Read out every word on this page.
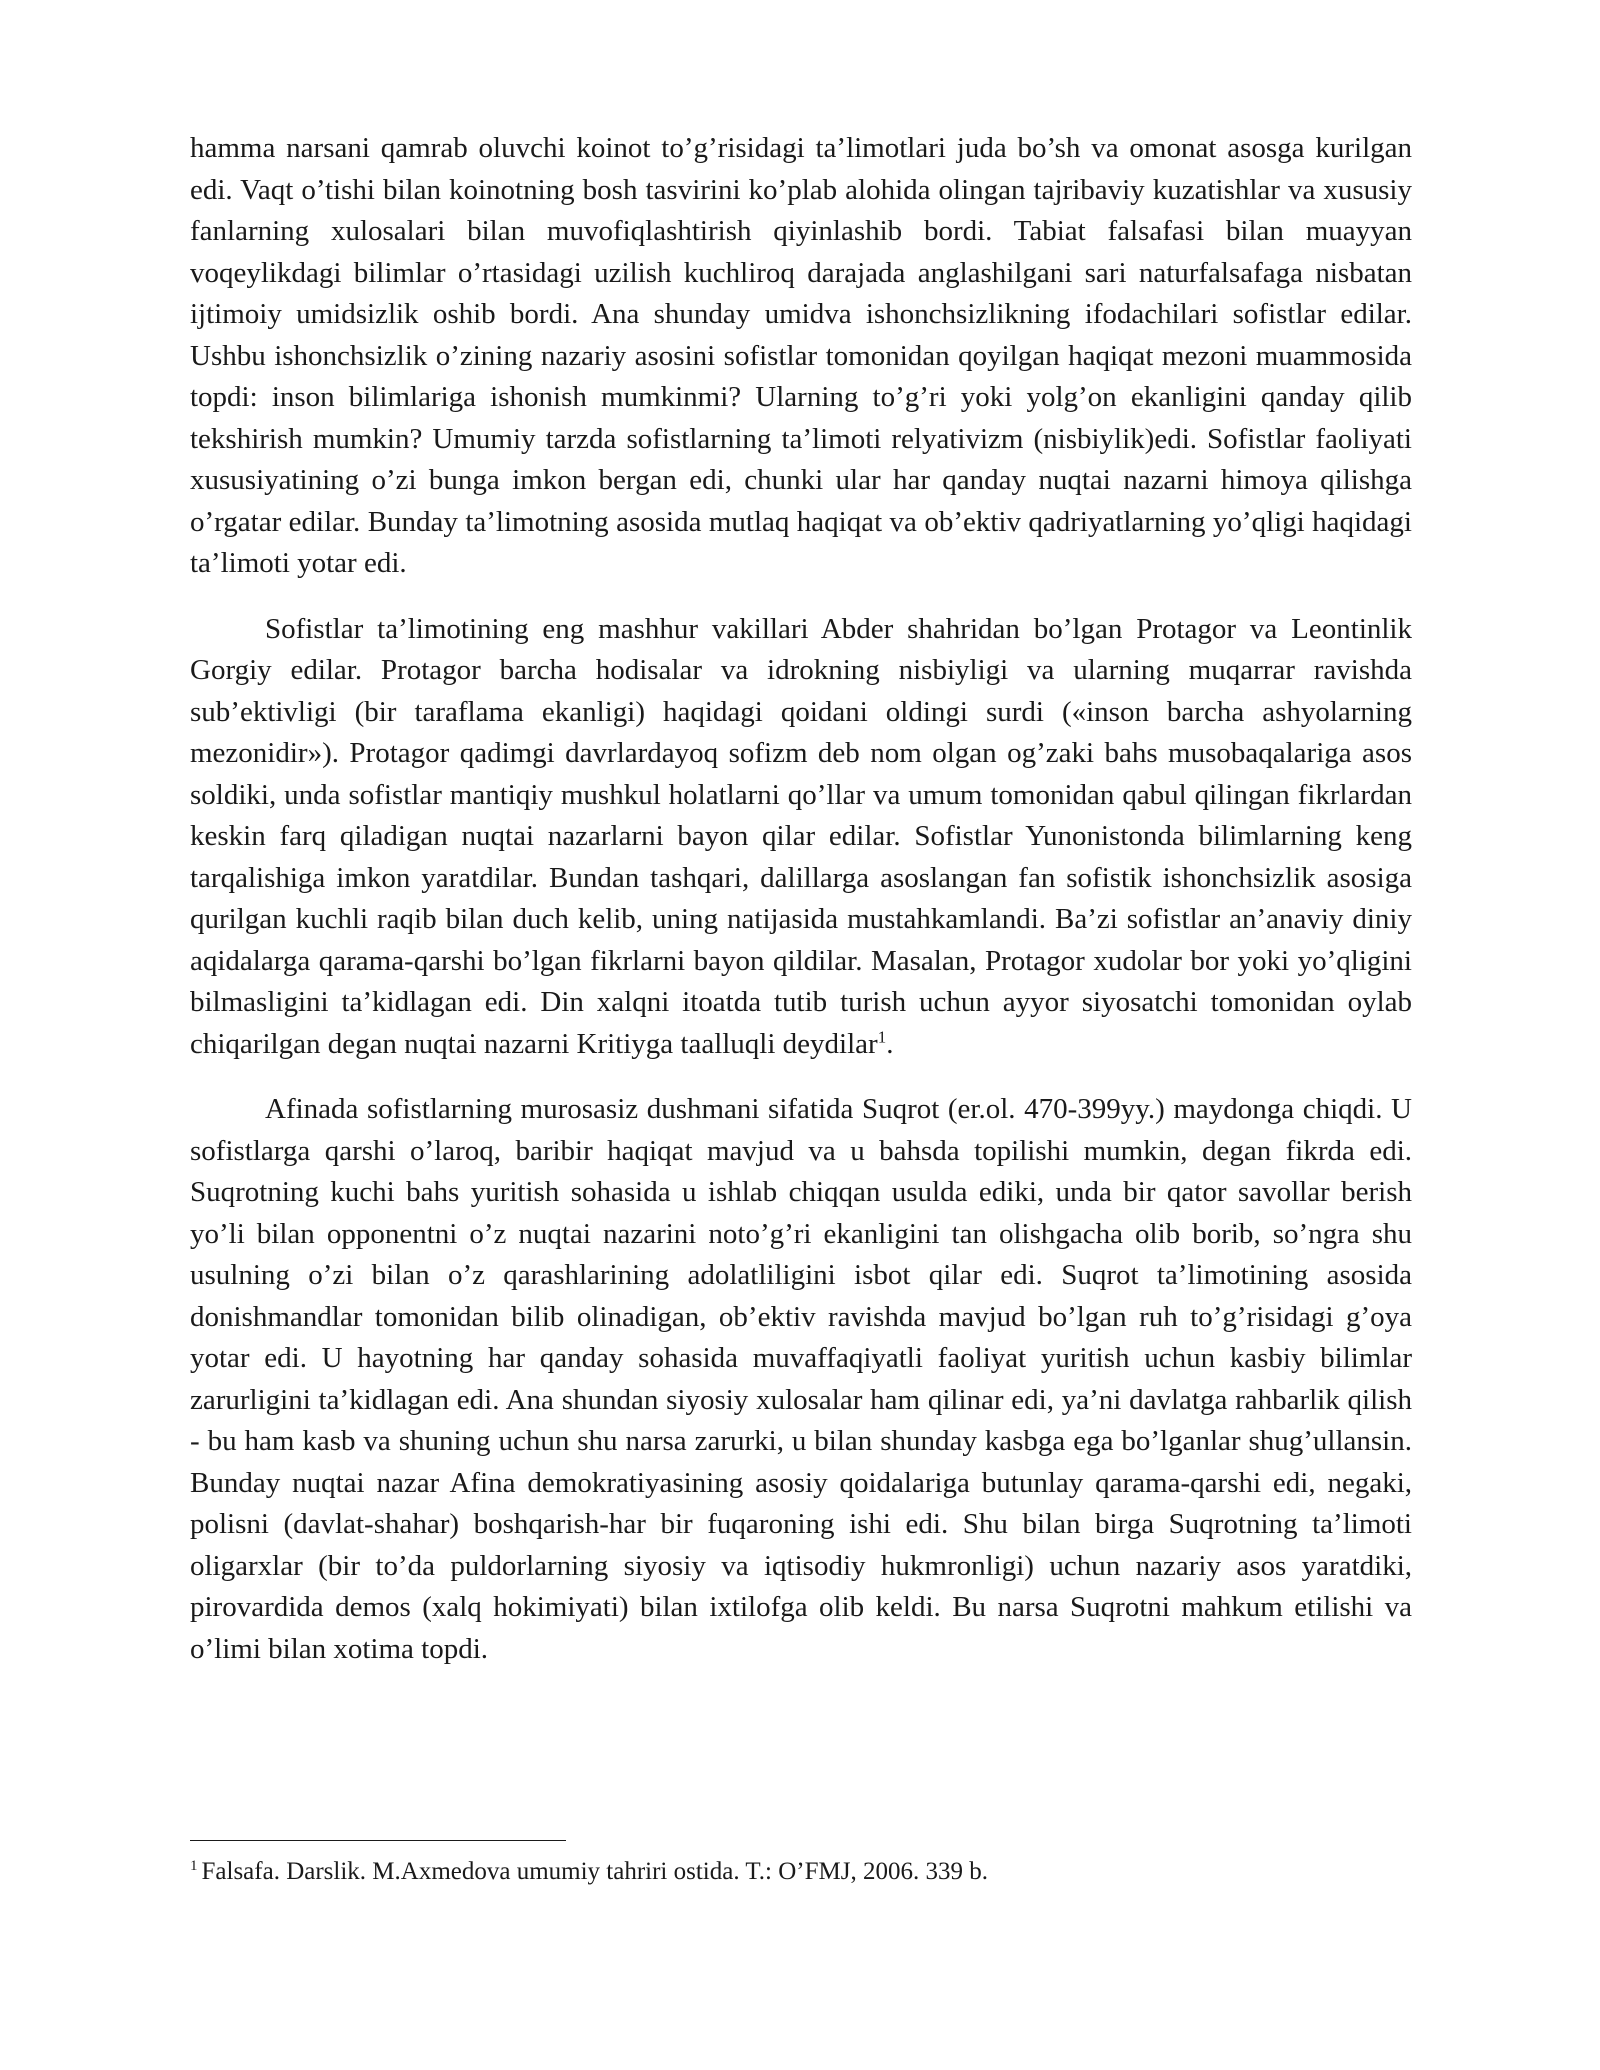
hamma narsani qamrab oluvchi koinot to’g’risidagi ta’limotlari juda bo’sh va omonat asosga kurilgan edi. Vaqt o’tishi bilan koinotning bosh tasvirini ko’plab alohida olingan tajribaviy kuzatishlar va xususiy fanlarning xulosalari bilan muvofiqlashtirish qiyinlashib bordi. Tabiat falsafasi bilan muayyan voqeylikdagi bilimlar o’rtasidagi uzilish kuchliroq darajada anglashilgani sari naturfalsafaga nisbatan ijtimoiy umidsizlik oshib bordi. Ana shunday umidva ishonchsizlikning ifodachilari sofistlar edilar. Ushbu ishonchsizlik o’zining nazariy asosini sofistlar tomonidan qoyilgan haqiqat mezoni muammosida topdi: inson bilimlariga ishonish mumkinmi? Ularning to’g’ri yoki yolg’on ekanligini qanday qilib tekshirish mumkin? Umumiy tarzda sofistlarning ta’limoti relyativizm (nisbiylik)edi. Sofistlar faoliyati xususiyatining o’zi bunga imkon bergan edi, chunki ular har qanday nuqtai nazarni himoya qilishga o’rgatar edilar. Bunday ta’limotning asosida mutlaq haqiqat va ob’ektiv qadriyatlarning yo’qligi haqidagi ta’limoti yotar edi.

Sofistlar ta’limotining eng mashhur vakillari Abder shahridan bo’lgan Protagor va Leontinlik Gorgiy edilar. Protagor barcha hodisalar va idrokning nisbiyligi va ularning muqarrar ravishda sub’ektivligi (bir taraflama ekanligi) haqidagi qoidani oldingi surdi («inson barcha ashyolarning mezonidir»). Protagor qadimgi davrlardayoq sofizm deb nom olgan og’zaki bahs musobaqalariga asos soldiki, unda sofistlar mantiqiy mushkul holatlarni qo’llar va umum tomonidan qabul qilingan fikrlardan keskin farq qiladigan nuqtai nazarlarni bayon qilar edilar. Sofistlar Yunonistonda bilimlarning keng tarqalishiga imkon yaratdilar. Bundan tashqari, dalillarga asoslangan fan sofistik ishonchsizlik asosiga qurilgan kuchli raqib bilan duch kelib, uning natijasida mustahkamlandi. Ba’zi sofistlar an’anaviy diniy aqidalarga qarama-qarshi bo’lgan fikrlarni bayon qildilar. Masalan, Protagor xudolar bor yoki yo’qligini bilmasligini ta’kidlagan edi. Din xalqni itoatda tutib turish uchun ayyor siyosatchi tomonidan oylab chiqarilgan degan nuqtai nazarni Kritiyga taalluqli deydilar$^1$.

Afinada sofistlarning murosasiz dushmani sifatida Suqrot (er.ol. 470-399yy.) maydonga chiqdi. U sofistlarga qarshi o’laroq, baribir haqiqat mavjud va u bahsda topilishi mumkin, degan fikrda edi. Suqrotning kuchi bahs yuritish sohasida u ishlab chiqqan usulda ediki, unda bir qator savollar berish yo’li bilan opponentni o’z nuqtai nazarini noto’g’ri ekanligini tan olishgacha olib borib, so’ngra shu usulning o’zi bilan o’z qarashlarining adolatliligini isbot qilar edi. Suqrot ta’limotining asosida donishmandlar tomonidan bilib olinadigan, ob’ektiv ravishda mavjud bo’lgan ruh to’g’risidagi g’oya yotar edi. U hayotning har qanday sohasida muvaffaqiyatli faoliyat yuritish uchun kasbiy bilimlar zarurligini ta’kidlagan edi. Ana shundan siyosiy xulosalar ham qilinar edi, ya’ni davlatga rahbarlik qilish - bu ham kasb va shuning uchun shu narsa zarurki, u bilan shunday kasbga ega bo’lganlar shug’ullansin. Bunday nuqtai nazar Afina demokratiyasining asosiy qoidalariga butunlay qarama-qarshi edi, negaki, polisni (davlat-shahar) boshqarish-har bir fuqaroning ishi edi. Shu bilan birga Suqrotning ta’limoti oligarxlar (bir to’da puldorlarning siyosiy va iqtisodiy hukmronligi) uchun nazariy asos yaratdiki, pirovardida demos (xalq hokimiyati) bilan ixtilofga olib keldi. Bu narsa Suqrotni mahkum etilishi va o’limi bilan xotima topdi.

$^1$ Falsafa. Darslik. M.Axmedova umumiy tahriri ostida. T.: O’FMJ, 2006. 339 b.
